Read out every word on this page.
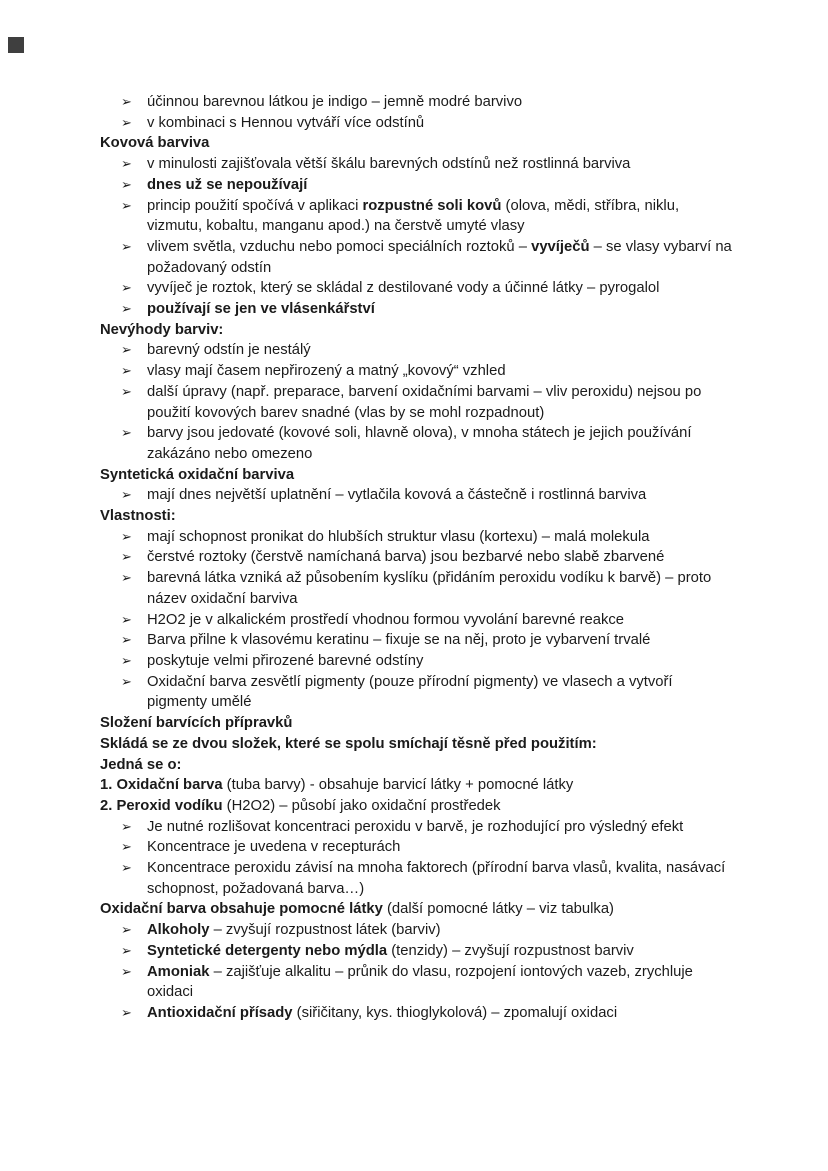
➢ účinnou barevnou látkou je indigo – jemně modré barvivo
➢ v kombinaci s Hennou vytváří více odstínů
Kovová barviva
➢ v minulosti zajišťovala větší škálu barevných odstínů než rostlinná barviva
➢ dnes už se nepoužívají
➢ princip použití spočívá v aplikaci rozpustné soli kovů (olova, mědi, stříbra, niklu, vizmutu, kobaltu, manganu apod.) na čerstvě umyté vlasy
➢ vlivem světla, vzduchu nebo pomoci speciálních roztoků – vyvíječů – se vlasy vybarví na požadovaný odstín
➢ vyvíječ je roztok, který se skládal z destilované vody a účinné látky – pyrogalol
➢ používají se jen ve vlásenkářství
Nevýhody barviv:
➢ barevný odstín je nestálý
➢ vlasy mají časem nepřirozený a matný „kovový“ vzhled
➢ další úpravy (např. preparace, barvení oxidačními barvami – vliv peroxidu) nejsou po použití kovových barev snadné (vlas by se mohl rozpadnout)
➢ barvy jsou jedovaté (kovové soli, hlavně olova), v mnoha státech je jejich používání zakázáno nebo omezeno
Syntetická oxidační barviva
➢ mají dnes největší uplatnění – vytlačila kovová a částečně i rostlinná barviva
Vlastnosti:
➢ mají schopnost pronikat do hlubších struktur vlasu (kortexu) – malá molekula
➢ čerstvé roztoky (čerstvě namíchaná barva) jsou bezbarvé nebo slabě zbarvené
➢ barevná látka vzniká až působením kyslíku (přidáním peroxidu vodíku k barvě) – proto název oxidační barviva
➢ H2O2 je v alkalickém prostředí vhodnou formou vyvolání barevné reakce
➢ Barva přilne k vlasovému keratinu – fixuje se na něj, proto je vybarvení trvalé
➢ poskytuje velmi přirozené barevné odstíny
➢ Oxidační barva zesvětlí pigmenty (pouze přírodní pigmenty) ve vlasech a vytvoří pigmenty umělé
Složení barvících přípravků
Skládá se ze dvou složek, které se spolu smíchají těsně před použitím:
Jedná se o:
1. Oxidační barva (tuba barvy) - obsahuje barvicí látky + pomocné látky
2. Peroxid vodíku (H2O2) – působí jako oxidační prostředek
➢ Je nutné rozlišovat koncentraci peroxidu v barvě, je rozhodující pro výsledný efekt
➢ Koncentrace je uvedena v recepturách
➢ Koncentrace peroxidu závisí na mnoha faktorech (přírodní barva vlasů, kvalita, nasávací schopnost, požadovaná barva…)
Oxidační barva obsahuje pomocné látky (další pomocné látky – viz tabulka)
➢ Alkoholy – zvyšují rozpustnost látek (barviv)
➢ Syntetické detergenty nebo mýdla (tenzidy) – zvyšují rozpustnost barviv
➢ Amoniak – zajišťuje alkalitu – průnik do vlasu, rozpojení iontových vazeb, zrychluje oxidaci
➢ Antioxidační přísady (siřičitany, kys. thioglykolová) – zpomalují oxidaci
